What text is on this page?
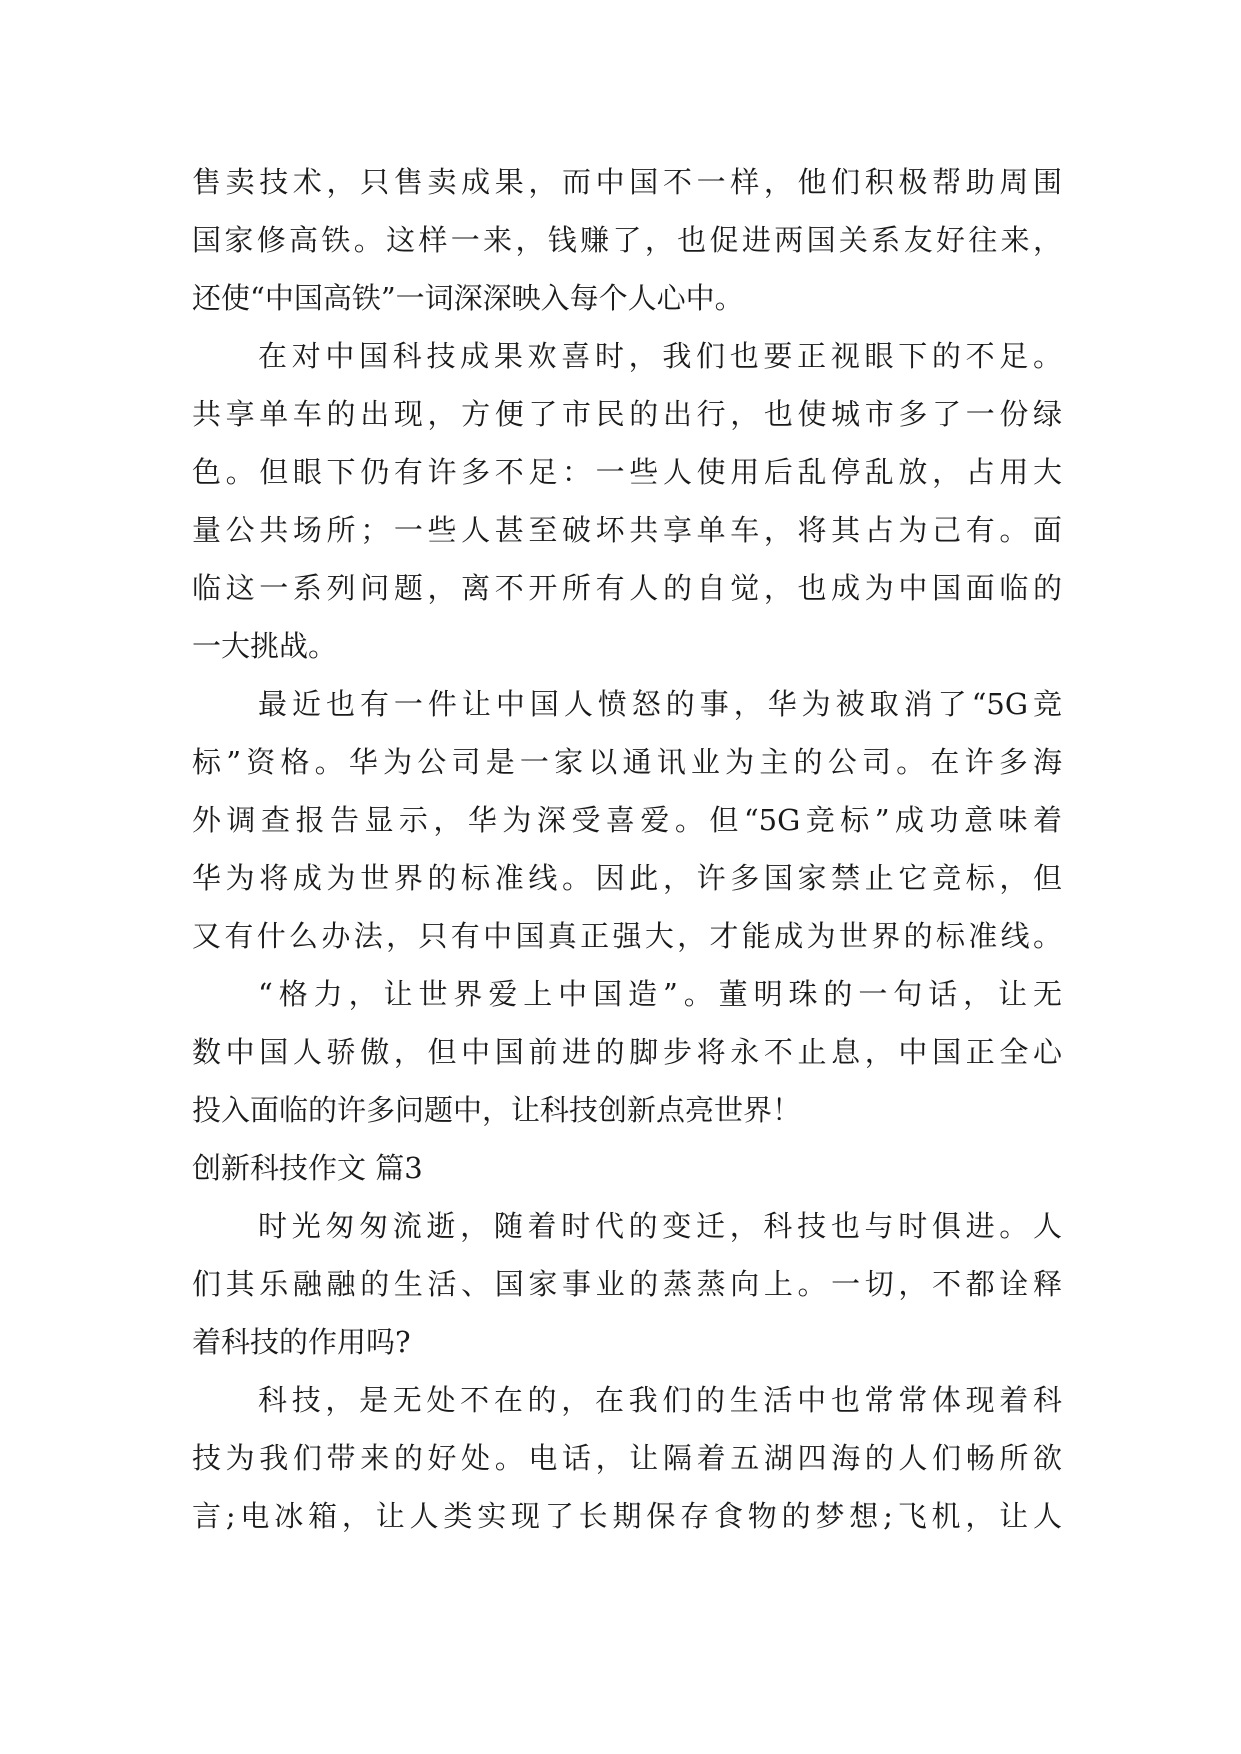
售卖技术，只售卖成果，而中国不一样，他们积极帮助周围
国家修高铁。这样一来，钱赚了，也促进两国关系友好往来，
还使“中国高铁”一词深深映入每个人心中。
在对中国科技成果欢喜时，我们也要正视眼下的不足。
共享单车的出现，方便了市民的出行，也使城市多了一份绿
色。但眼下仍有许多不足：一些人使用后乱停乱放，占用大
量公共场所；一些人甚至破坏共享单车，将其占为己有。面
临这一系列问题，离不开所有人的自觉，也成为中国面临的
一大挑战。
最近也有一件让中国人愤怒的事，华为被取消了“5G竞
标”资格。华为公司是一家以通讯业为主的公司。在许多海
外调查报告显示，华为深受喜爱。但“5G竞标”成功意味着
华为将成为世界的标准线。因此，许多国家禁止它竞标，但
又有什么办法，只有中国真正强大，才能成为世界的标准线。
“格力，让世界爱上中国造”。董明珠的一句话，让无
数中国人骄傲，但中国前进的脚步将永不止息，中国正全心
投入面临的许多问题中，让科技创新点亮世界！
创新科技作文 篇3
时光匆匆流逝，随着时代的变迁，科技也与时俱进。人
们其乐融融的生活、国家事业的蒸蒸向上。一切，不都诠释
着科技的作用吗?
科技，是无处不在的，在我们的生活中也常常体现着科
技为我们带来的好处。电话，让隔着五湖四海的人们畅所欲
言;电冰箱，让人类实现了长期保存食物的梦想;飞机，让人
